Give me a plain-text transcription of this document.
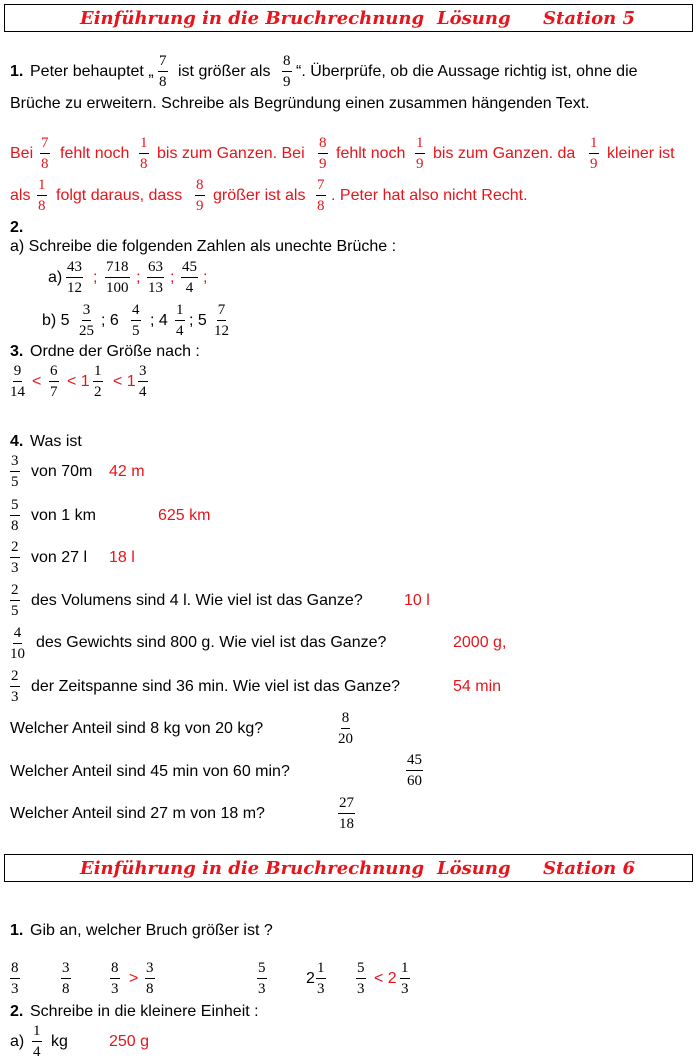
Einführung in die Bruchrechnung Lösung Station 5
1. Peter behauptet „
7
8
ist größer als
8
9
“. Überprüfe, ob die Aussage richtig ist, ohne die
Brüche zu erweitern. Schreibe als Begründung einen zusammen hängenden Text.
Bei
7
8
fehlt noch
1
8
bis zum Ganzen. Bei
8
9
fehlt noch
1
9
bis zum Ganzen. da
1
9
kleiner ist
als
1
8
folgt daraus, dass
8
9
größer ist als
7
8
. Peter hat also nicht Recht.
2.
a) Schreibe die folgenden Zahlen als unechte Brüche :
a)
43
12
;
718
100
;
63
13
;
45
4
;
b) 5
3
25
; 6
4
5
; 4
1
4
; 5
7
12
3. Ordne der Größe nach :
9
14
<
6
7
< 1
1
2
< 1
3
4
4. Was ist
3
5
von 70m 42 m
5
8
von 1 km	625 km
2
3
von 27 l 18 l
2
5
des Volumens sind 4 l. Wie viel ist das Ganze?	10 l
4
10
des Gewichts sind 800 g. Wie viel ist das Ganze?	2000 g,
2
3
der Zeitspanne sind 36 min. Wie viel ist das Ganze?	54 min
Welcher Anteil sind 8 kg von 20 kg?
8
20
Welcher Anteil sind 45 min von 60 min?
45
60
Welcher Anteil sind 27 m von 18 m?
27
18
Einführung in die Bruchrechnung Lösung Station 6
1. Gib an, welcher Bruch größer ist ?
8
3
3
8
8
3
>
3
8
5
3
2
1
3
5
3
< 2
1
3
2. Schreibe in die kleinere Einheit :
a)
1
4
kg	250 g
